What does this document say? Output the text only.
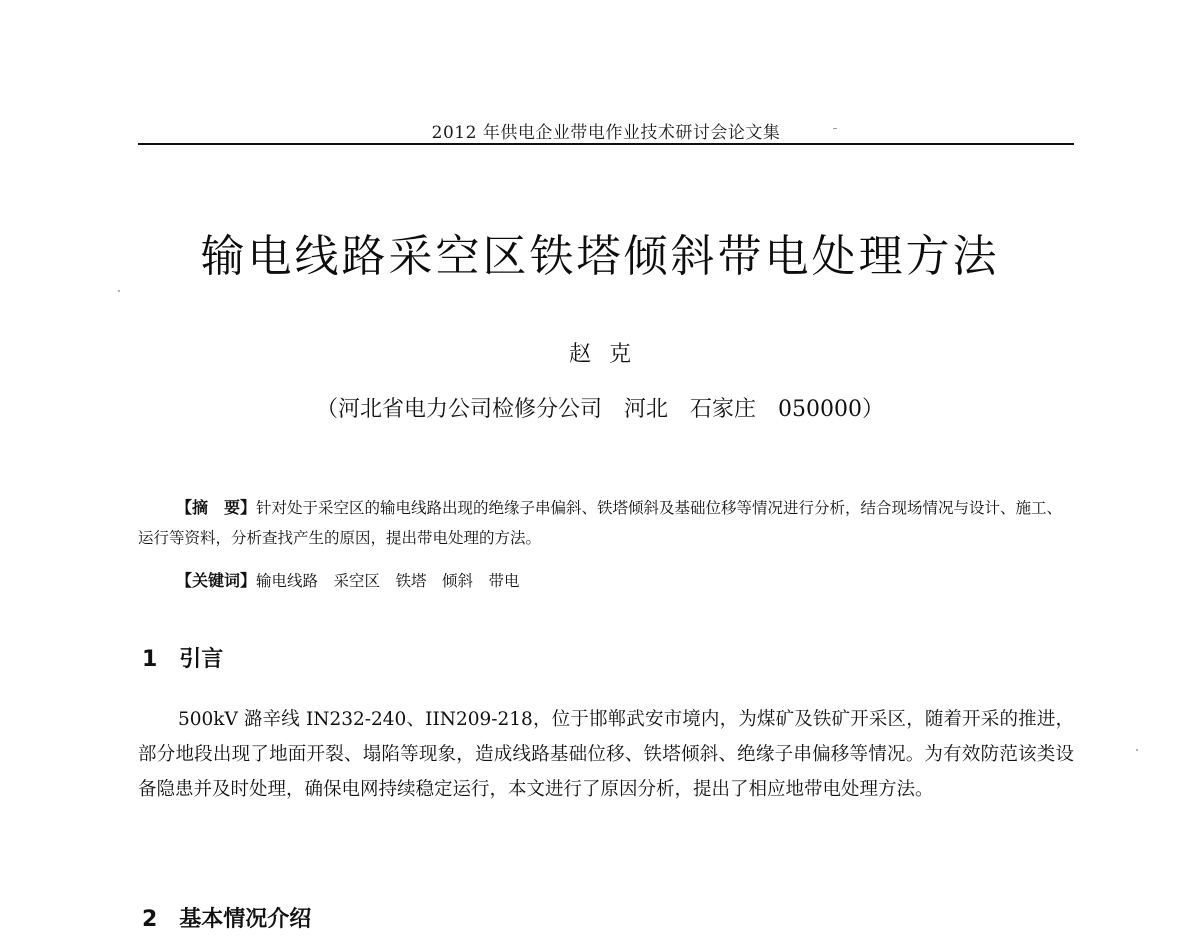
2012 年供电企业带电作业技术研讨会论文集
输电线路采空区铁塔倾斜带电处理方法
赵克
（河北省电力公司检修分公司　河北　石家庄　050000）

【摘　要】针对处于采空区的输电线路出现的绝缘子串偏斜、铁塔倾斜及基础位移等情况进行分析，结合现场情况与设计、施工、运行等资料，分析查找产生的原因，提出带电处理的方法。

【关键词】输电线路　采空区　铁塔　倾斜　带电

1　引言

500kV 潞辛线 IN232-240、IIN209-218，位于邯郸武安市境内，为煤矿及铁矿开采区，随着开采的推进，部分地段出现了地面开裂、塌陷等现象，造成线路基础位移、铁塔倾斜、绝缘子串偏移等情况。为有效防范该类设备隐患并及时处理，确保电网持续稳定运行，本文进行了原因分析，提出了相应地带电处理方法。

2　基本情况介绍
